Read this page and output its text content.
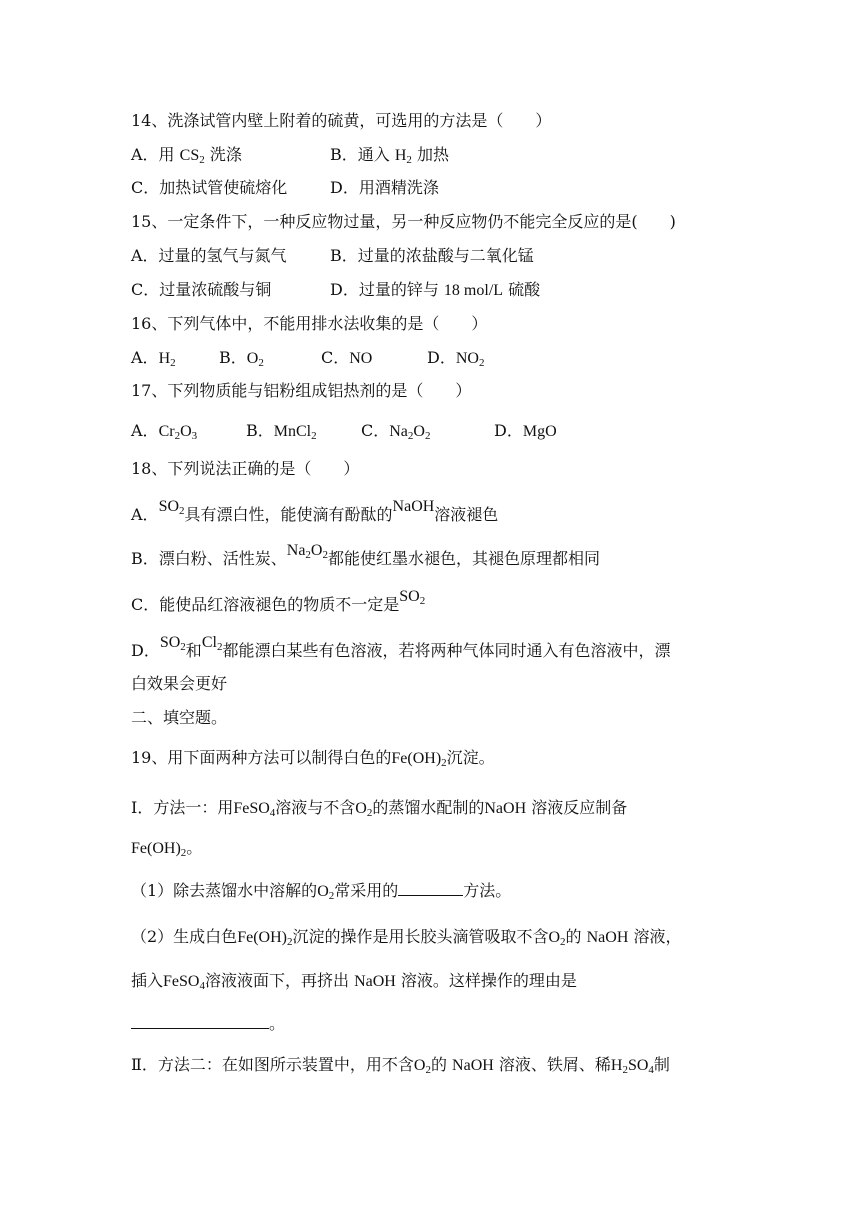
14、洗涤试管内壁上附着的硫黄，可选用的方法是（　　）
A．用 $CS_2$ 洗涤	B．通入 $H_2$ 加热
C．加热试管使硫熔化	D．用酒精洗涤
15、一定条件下，一种反应物过量，另一种反应物仍不能完全反应的是(　　)
A．过量的氢气与氮气	B．过量的浓盐酸与二氧化锰
C．过量浓硫酸与铜	D．过量的锌与 18 mol/L 硫酸
16、下列气体中，不能用排水法收集的是（　　）
A．$H_2$	B．$O_2$	C．NO	D．$NO_2$
17、下列物质能与铝粉组成铝热剂的是（　　）
A．$Cr_2O_3$	B．MnCl$_2$	C．$Na_2O_2$	D．MgO
18、下列说法正确的是（　　）
A．$SO_2$具有漂白性，能使滴有酚酞的NaOH溶液褪色
B．漂白粉、活性炭、$Na_2O_2$都能使红墨水褪色，其褪色原理都相同
C．能使品红溶液褪色的物质不一定是$SO_2$
D．$SO_2$和$Cl_2$都能漂白某些有色溶液，若将两种气体同时通入有色溶液中，漂
白效果会更好
二、填空题。
19、用下面两种方法可以制得白色的$Fe(OH)_2$沉淀。
Ⅰ．方法一：用FeSO$_4$溶液与不含$O_2$的蒸馏水配制的NaOH 溶液反应制备
$Fe(OH)_2$。
（1）除去蒸馏水中溶解的$O_2$常采用的	方法。
（2）生成白色$Fe(OH)_2$沉淀的操作是用长胶头滴管吸取不含$O_2$的 NaOH 溶液，
插入FeSO$_4$溶液液面下，再挤出 NaOH 溶液。这样操作的理由是
。
Ⅱ．方法二：在如图所示装置中，用不含$O_2$的 NaOH 溶液、铁屑、稀$H_2SO_4$制
